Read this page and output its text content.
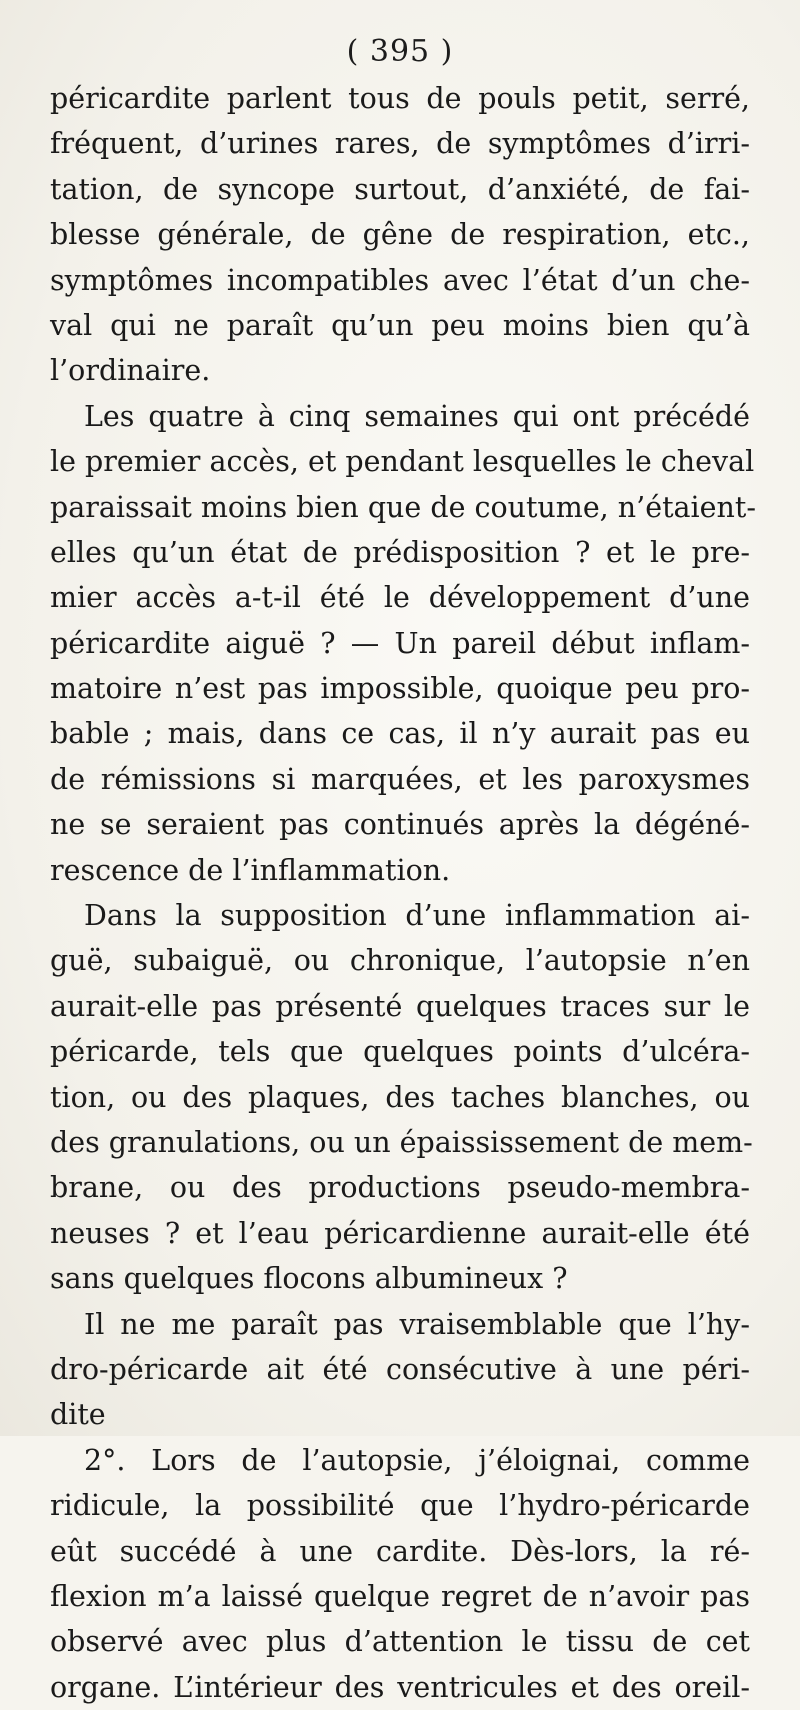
( 395 )
péricardite parlent tous de pouls petit, serré,
fréquent, d’urines rares, de symptômes d’irri-
tation, de syncope surtout, d’anxiété, de fai-
blesse générale, de gêne de respiration, etc.,
symptômes incompatibles avec l’état d’un che-
val qui ne paraît qu’un peu moins bien qu’à
l’ordinaire.
Les quatre à cinq semaines qui ont précédé
le premier accès, et pendant lesquelles le cheval
paraissait moins bien que de coutume, n’étaient-
elles qu’un état de prédisposition ? et le pre-
mier accès a-t-il été le développement d’une
péricardite aiguë ? — Un pareil début inflam-
matoire n’est pas impossible, quoique peu pro-
bable ; mais, dans ce cas, il n’y aurait pas eu
de rémissions si marquées, et les paroxysmes
ne se seraient pas continués après la dégéné-
rescence de l’inflammation.
Dans la supposition d’une inflammation ai-
guë, subaiguë, ou chronique, l’autopsie n’en
aurait-elle pas présenté quelques traces sur le
péricarde, tels que quelques points d’ulcéra-
tion, ou des plaques, des taches blanches, ou
des granulations, ou un épaississement de mem-
brane, ou des productions pseudo-membra-
neuses ? et l’eau péricardienne aurait-elle été
sans quelques flocons albumineux ?
Il ne me paraît pas vraisemblable que l’hy-
dro-péricarde ait été consécutive à une péri-
dite
2°. Lors de l’autopsie, j’éloignai, comme
ridicule, la possibilité que l’hydro-péricarde
eût succédé à une cardite. Dès-lors, la ré-
flexion m’a laissé quelque regret de n’avoir pas
observé avec plus d’attention le tissu de cet
organe. L’intérieur des ventricules et des oreil-
